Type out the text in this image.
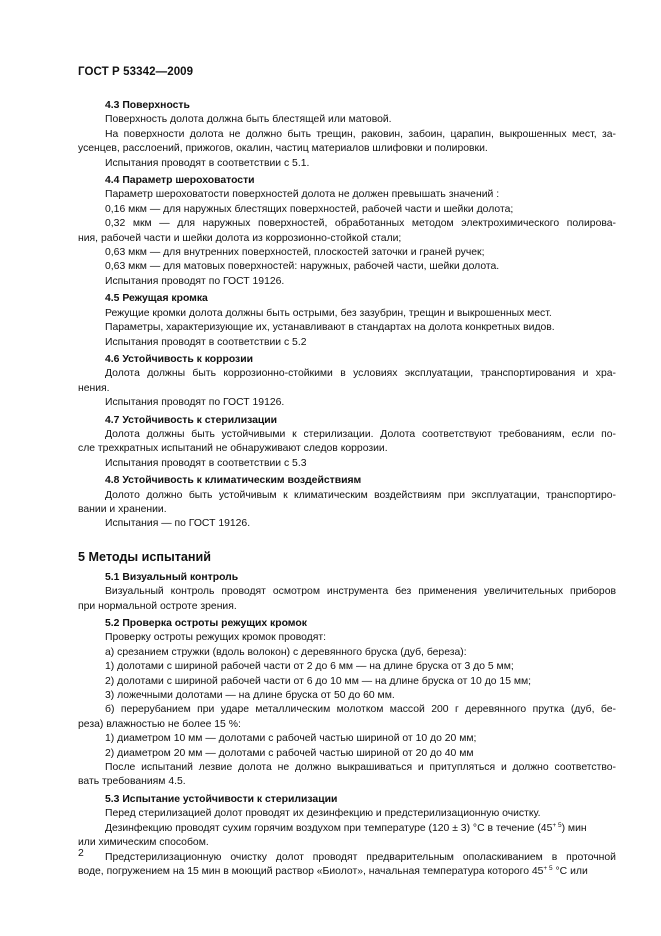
ГОСТ Р 53342—2009
4.3 Поверхность
Поверхность долота должна быть блестящей или матовой.
На поверхности долота не должно быть трещин, раковин, забоин, царапин, выкрошенных мест, за-
усенцев, расслоений, прижогов, окалин, частиц материалов шлифовки и полировки.
Испытания проводят в соответствии с 5.1.
4.4 Параметр шероховатости
Параметр шероховатости поверхностей долота не должен превышать значений :
0,16 мкм — для наружных блестящих поверхностей, рабочей части и шейки долота;
0,32 мкм — для наружных поверхностей, обработанных методом электрохимического полирова-
ния, рабочей части и шейки долота из коррозионно-стойкой стали;
0,63 мкм — для внутренних поверхностей, плоскостей заточки и граней ручек;
0,63 мкм — для матовых поверхностей: наружных, рабочей части, шейки долота.
Испытания проводят по ГОСТ 19126.
4.5 Режущая кромка
Режущие кромки долота должны быть острыми, без зазубрин, трещин и выкрошенных мест.
Параметры, характеризующие их, устанавливают в стандартах на долота конкретных видов.
Испытания проводят в соответствии с 5.2
4.6 Устойчивость к коррозии
Долота должны быть коррозионно-стойкими в условиях эксплуатации, транспортирования и хра-
нения.
Испытания проводят по ГОСТ 19126.
4.7 Устойчивость к стерилизации
Долота должны быть устойчивыми к стерилизации. Долота соответствуют требованиям, если по-
сле трехкратных испытаний не обнаруживают следов коррозии.
Испытания проводят в соответствии с 5.3
4.8 Устойчивость к климатическим воздействиям
Долото должно быть устойчивым к климатическим воздействиям при эксплуатации, транспортиро-
вании и хранении.
Испытания — по ГОСТ 19126.
5 Методы испытаний
5.1 Визуальный контроль
Визуальный контроль проводят осмотром инструмента без применения увеличительных приборов
при нормальной остроте зрения.
5.2 Проверка остроты режущих кромок
Проверку остроты режущих кромок проводят:
а) срезанием стружки (вдоль волокон) с деревянного бруска (дуб, береза):
1) долотами с шириной рабочей части от 2 до 6 мм — на длине бруска от 3 до 5 мм;
2) долотами с шириной рабочей части от 6 до 10 мм — на длине бруска от 10 до 15 мм;
3) ложечными долотами — на длине бруска от 50 до 60 мм.
б) перерубанием при ударе металлическим молотком массой 200 г деревянного прутка (дуб, бе-
реза) влажностью не более 15 %:
1) диаметром 10 мм — долотами с рабочей частью шириной от 10 до 20 мм;
2) диаметром 20 мм — долотами с рабочей частью шириной от 20 до 40 мм
После испытаний лезвие долота не должно выкрашиваться и притупляться и должно соответство-
вать требованиям 4.5.
5.3 Испытание устойчивости к стерилизации
Перед стерилизацией долот проводят их дезинфекцию и предстерилизационную очистку.
Дезинфекцию проводят сухим горячим воздухом при температуре (120 ± 3) °С в течение $(45^{+ 5})$ мин
или химическим способом.
Предстерилизационную очистку долот проводят предварительным ополаскиванием в проточной
воде, погружением на 15 мин в моющий раствор «Биолот», начальная температура которого $45^{+ 5}$ °С или
2
